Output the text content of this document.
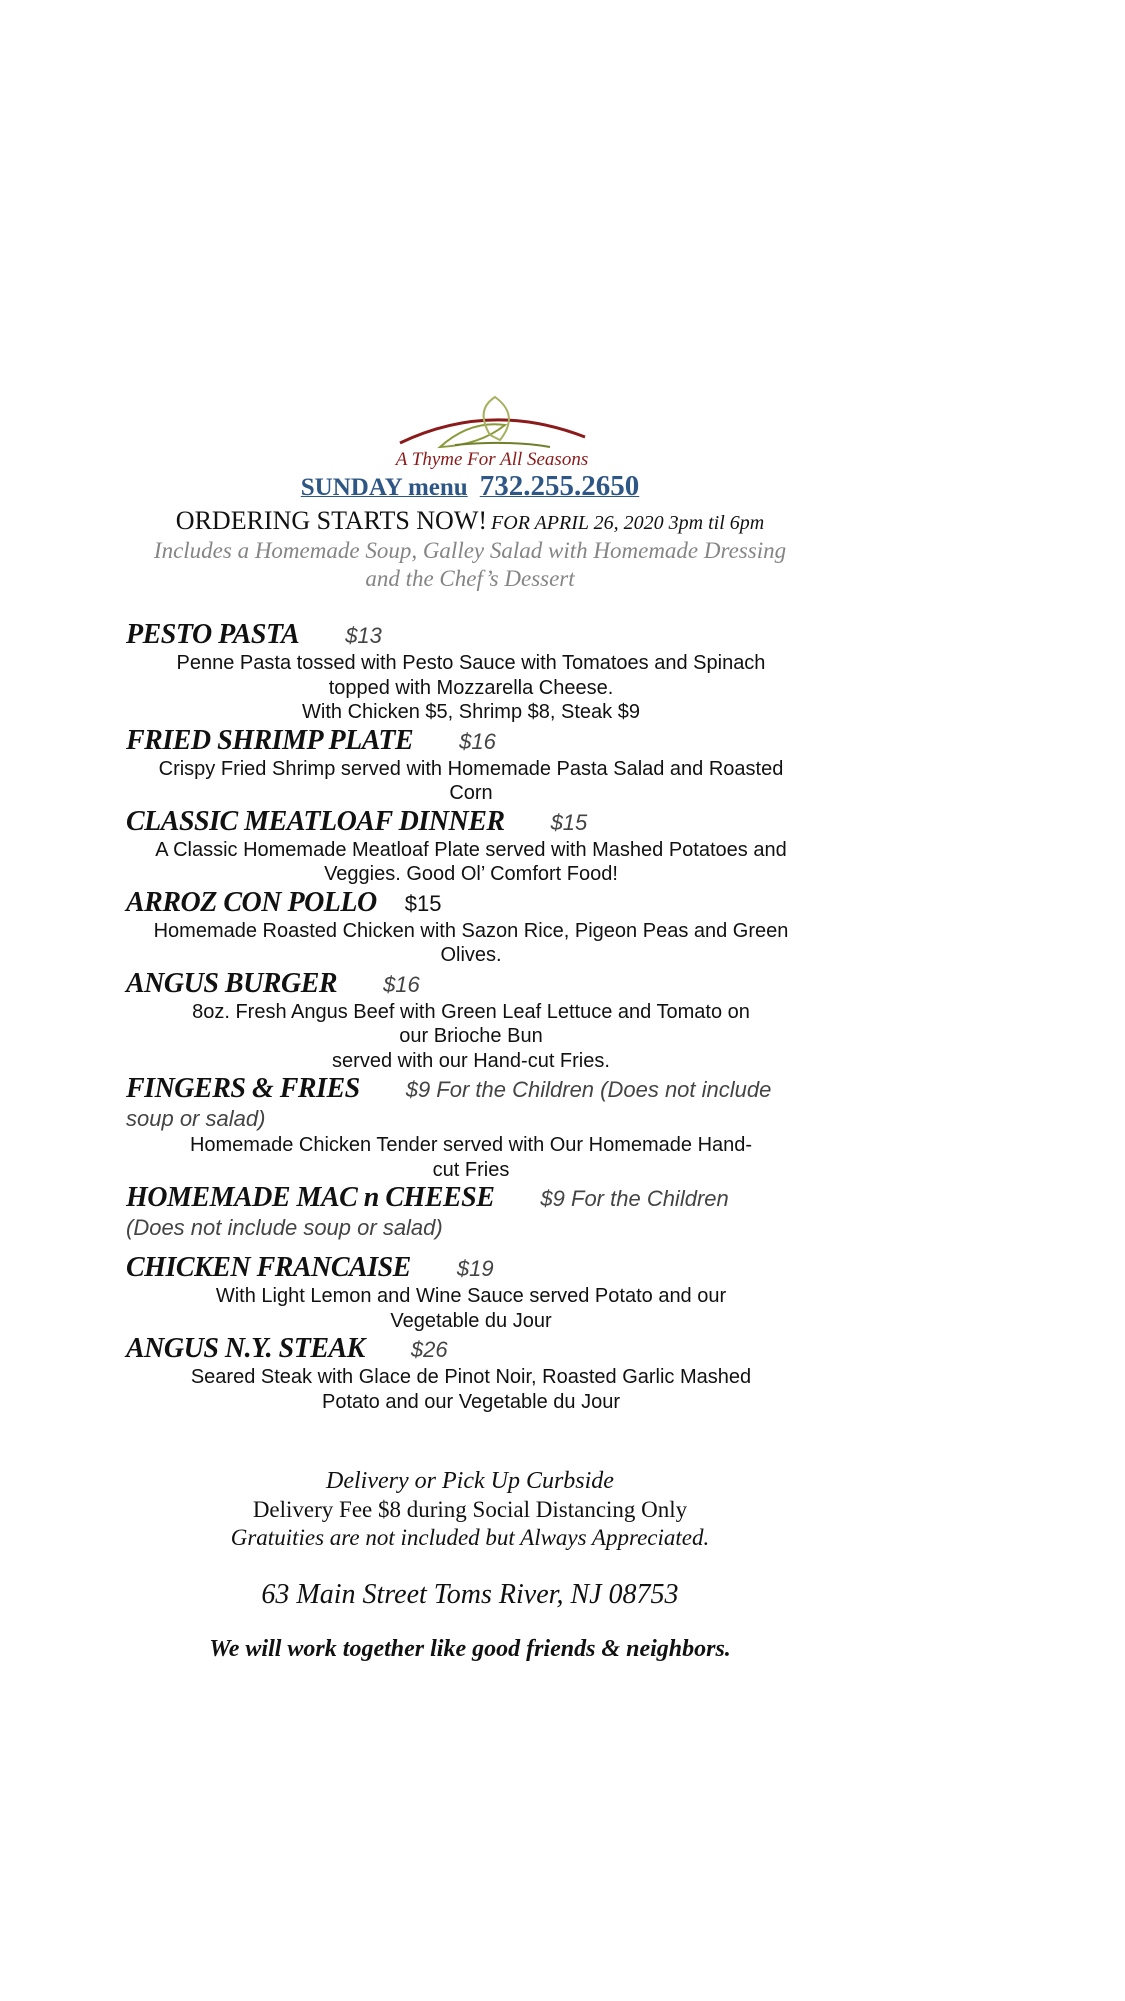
A Thyme For All Seasons
SUNDAY menu 732.255.2650
ORDERING STARTS NOW! FOR APRIL 26, 2020 3pm til 6pm
Includes a Homemade Soup, Galley Salad with Homemade Dressing
and the Chef’s Dessert
PESTO PASTA $13
Penne Pasta tossed with Pesto Sauce with Tomatoes and Spinach
topped with Mozzarella Cheese.
With Chicken $5, Shrimp $8, Steak $9
FRIED SHRIMP PLATE $16
Crispy Fried Shrimp served with Homemade Pasta Salad and Roasted
Corn
CLASSIC MEATLOAF DINNER $15
A Classic Homemade Meatloaf Plate served with Mashed Potatoes and
Veggies. Good Ol’ Comfort Food!
ARROZ CON POLLO $15
Homemade Roasted Chicken with Sazon Rice, Pigeon Peas and Green
Olives.
ANGUS BURGER $16
8oz. Fresh Angus Beef with Green Leaf Lettuce and Tomato on
our Brioche Bun
served with our Hand-cut Fries.
FINGERS & FRIES $9 For the Children (Does not include
soup or salad)
Homemade Chicken Tender served with Our Homemade Hand-
cut Fries
HOMEMADE MAC n CHEESE $9 For the Children
(Does not include soup or salad)
CHICKEN FRANCAISE $19
With Light Lemon and Wine Sauce served Potato and our
Vegetable du Jour
ANGUS N.Y. STEAK $26
Seared Steak with Glace de Pinot Noir, Roasted Garlic Mashed
Potato and our Vegetable du Jour
Delivery or Pick Up Curbside
Delivery Fee $8 during Social Distancing Only
Gratuities are not included but Always Appreciated.
63 Main Street Toms River, NJ 08753
We will work together like good friends & neighbors.
